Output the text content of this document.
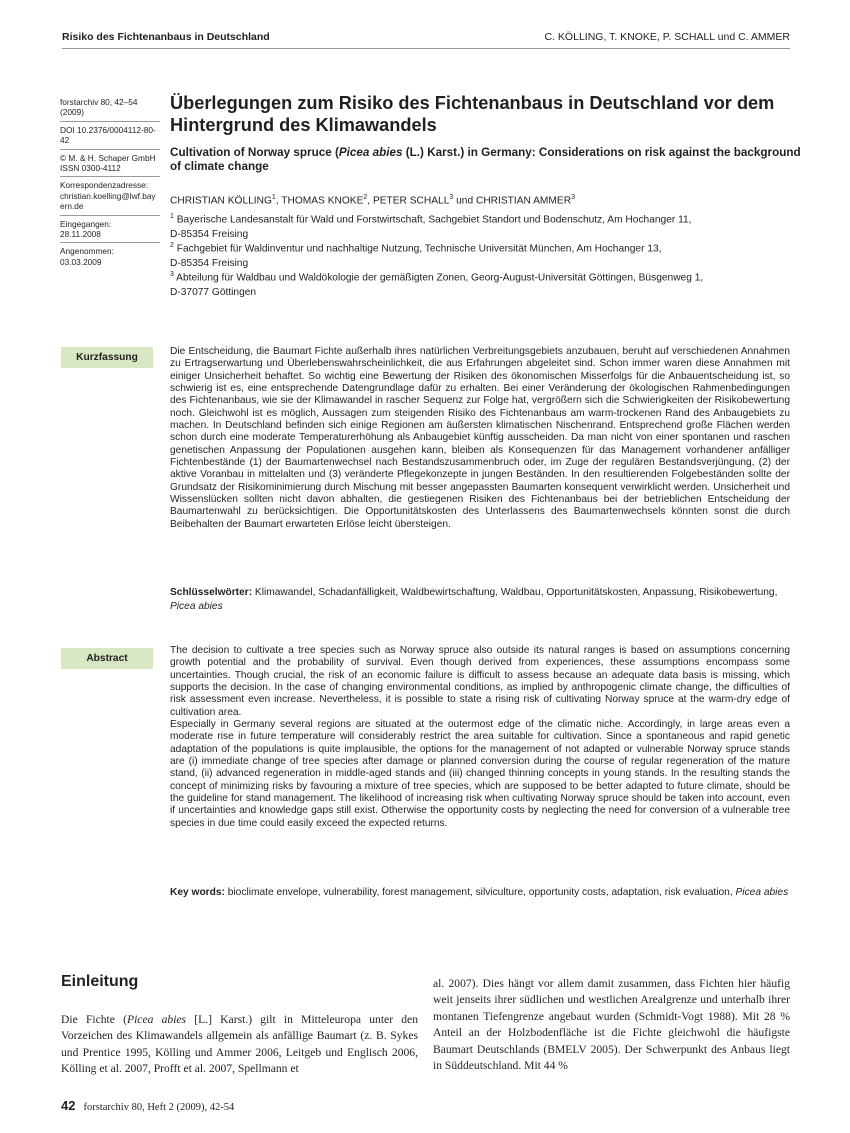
Risiko des Fichtenanbaus in Deutschland	C. KÖLLING, T. KNOKE, P. SCHALL und C. AMMER
forstarchiv 80, 42–54 (2009)
DOI 10.2376/0004112-80-42
© M. & H. Schaper GmbH
ISSN 0300-4112
Korrespondenzadresse:
christian.koelling@lwf.bayern.de
Eingegangen:
28.11.2008
Angenommen:
03.03.2009
Überlegungen zum Risiko des Fichtenanbaus in Deutschland vor dem Hintergrund des Klimawandels
Cultivation of Norway spruce (Picea abies (L.) Karst.) in Germany: Considerations on risk against the background of climate change
CHRISTIAN KÖLLING$^1$, THOMAS KNOKE$^2$, PETER SCHALL$^3$ und CHRISTIAN AMMER$^3$
$^1$ Bayerische Landesanstalt für Wald und Forstwirtschaft, Sachgebiet Standort und Bodenschutz, Am Hochanger 11,
D-85354 Freising
$^2$ Fachgebiet für Waldinventur und nachhaltige Nutzung, Technische Universität München, Am Hochanger 13,
D-85354 Freising
$^3$ Abteilung für Waldbau und Waldökologie der gemäßigten Zonen, Georg-August-Universität Göttingen, Büsgenweg 1,
D-37077 Göttingen
Kurzfassung

Die Entscheidung, die Baumart Fichte außerhalb ihres natürlichen Verbreitungsgebiets anzubauen, beruht auf verschiedenen Annahmen zu Ertragserwartung und Überlebenswahrscheinlichkeit, die aus Erfahrungen abgeleitet sind. Schon immer waren diese Annahmen mit einiger Unsicherheit behaftet. So wichtig eine Bewertung der Risiken des ökonomischen Misserfolgs für die Anbauentscheidung ist, so schwierig ist es, eine entsprechende Datengrundlage dafür zu erhalten. Bei einer Veränderung der ökologischen Rahmenbedingungen des Fichtenanbaus, wie sie der Klimawandel in rascher Sequenz zur Folge hat, vergrößern sich die Schwierigkeiten der Risikobewertung noch. Gleichwohl ist es möglich, Aussagen zum steigenden Risiko des Fichtenanbaus am warm-trockenen Rand des Anbaugebiets zu machen. In Deutschland befinden sich einige Regionen am äußersten klimatischen Nischenrand. Entsprechend große Flächen werden schon durch eine moderate Temperaturerhöhung als Anbaugebiet künftig ausscheiden. Da man nicht von einer spontanen und raschen genetischen Anpassung der Populationen ausgehen kann, bleiben als Konsequenzen für das Management vorhandener anfälliger Fichtenbestände (1) der Baumartenwechsel nach Bestandszusammenbruch oder, im Zuge der regulären Bestandsverjüngung, (2) der aktive Voranbau in mittelalten und (3) veränderte Pflegekonzepte in jungen Beständen. In den resultierenden Folgebeständen sollte der Grundsatz der Risikominimierung durch Mischung mit besser angepassten Baumarten konsequent verwirklicht werden. Unsicherheit und Wissenslücken sollten nicht davon abhalten, die gestiegenen Risiken des Fichtenanbaus bei der betrieblichen Entscheidung der Baumartenwahl zu berücksichtigen. Die Opportunitätskosten des Unterlassens des Baumartenwechsels könnten sonst die durch Beibehalten der Baumart erwarteten Erlöse leicht übersteigen.

Schlüsselwörter: Klimawandel, Schadanfälligkeit, Waldbewirtschaftung, Waldbau, Opportunitätskosten, Anpassung, Risikobewertung, Picea abies
Abstract

The decision to cultivate a tree species such as Norway spruce also outside its natural ranges is based on assumptions concerning growth potential and the probability of survival. Even though derived from experiences, these assumptions encompass some uncertainties. Though crucial, the risk of an economic failure is difficult to assess because an adequate data basis is missing, which supports the decision. In the case of changing environmental conditions, as implied by anthropogenic climate change, the difficulties of risk assessment even increase. Nevertheless, it is possible to state a rising risk of cultivating Norway spruce at the warm-dry edge of cultivation area.

Especially in Germany several regions are situated at the outermost edge of the climatic niche. Accordingly, in large areas even a moderate rise in future temperature will considerably restrict the area suitable for cultivation. Since a spontaneous and rapid genetic adaptation of the populations is quite implausible, the options for the management of not adapted or vulnerable Norway spruce stands are (i) immediate change of tree species after damage or planned conversion during the course of regular regeneration of the mature stand, (ii) advanced regeneration in middle-aged stands and (iii) changed thinning concepts in young stands. In the resulting stands the concept of minimizing risks by favouring a mixture of tree species, which are supposed to be better adapted to future climate, should be the guideline for stand management. The likelihood of increasing risk when cultivating Norway spruce should be taken into account, even if uncertainties and knowledge gaps still exist. Otherwise the opportunity costs by neglecting the need for conversion of a vulnerable tree species in due time could easily exceed the expected returns.

Key words: bioclimate envelope, vulnerability, forest management, silviculture, opportunity costs, adaptation, risk evaluation, Picea abies
Einleitung
Die Fichte (Picea abies [L.] Karst.) gilt in Mitteleuropa unter den Vorzeichen des Klimawandels allgemein als anfällige Baumart (z. B. Sykes und Prentice 1995, Kölling und Ammer 2006, Leitgeb und Englisch 2006, Kölling et al. 2007, Profft et al. 2007, Spellmann et
al. 2007). Dies hängt vor allem damit zusammen, dass Fichten hier häufig weit jenseits ihrer südlichen und westlichen Arealgrenze und unterhalb ihrer montanen Tiefengrenze angebaut wurden (Schmidt-Vogt 1988). Mit 28 % Anteil an der Holzbodenfläche ist die Fichte gleichwohl die häufigste Baumart Deutschlands (BMELV 2005). Der Schwerpunkt des Anbaus liegt in Süddeutschland. Mit 44 %
42 forstarchiv 80, Heft 2 (2009), 42-54
